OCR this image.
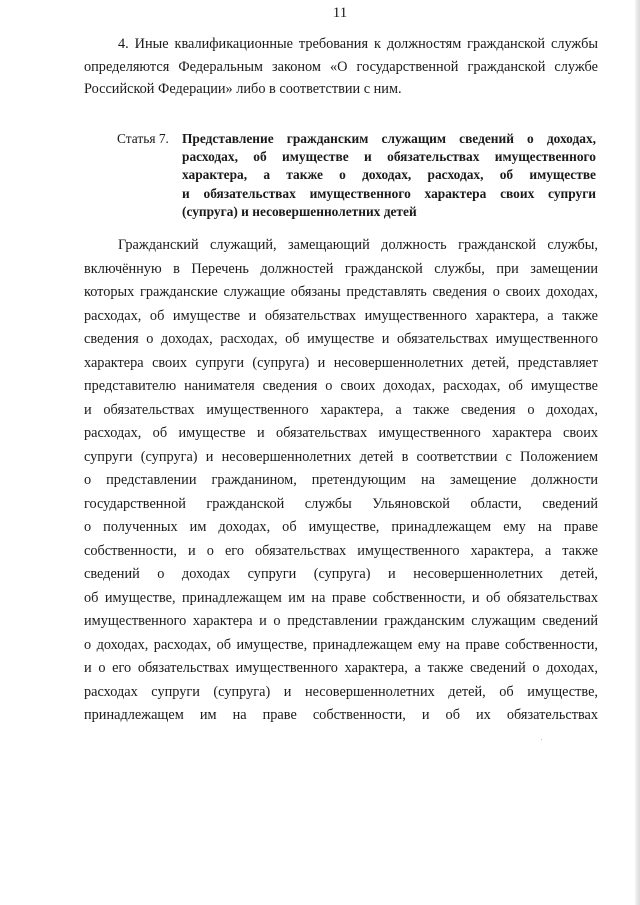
11
4. Иные квалификационные требования к должностям гражданской службы
определяются Федеральным законом «О государственной гражданской службе
Российской Федерации» либо в соответствии с ним.
Статья 7. Представление гражданским служащим сведений о доходах,
расходах, об имуществе и обязательствах имущественного
характера, а также о доходах, расходах, об имуществе
и обязательствах имущественного характера своих супруги
(супруга) и несовершеннолетних детей
Гражданский служащий, замещающий должность гражданской службы,
включённую в Перечень должностей гражданской службы, при замещении
которых гражданские служащие обязаны представлять сведения о своих доходах,
расходах, об имуществе и обязательствах имущественного характера, а также
сведения о доходах, расходах, об имуществе и обязательствах имущественного
характера своих супруги (супруга) и несовершеннолетних детей, представляет
представителю нанимателя сведения о своих доходах, расходах, об имуществе
и обязательствах имущественного характера, а также сведения о доходах,
расходах, об имуществе и обязательствах имущественного характера своих
супруги (супруга) и несовершеннолетних детей в соответствии с Положением
о представлении гражданином, претендующим на замещение должности
государственной гражданской службы Ульяновской области, сведений
о полученных им доходах, об имуществе, принадлежащем ему на праве
собственности, и о его обязательствах имущественного характера, а также
сведений о доходах супруги (супруга) и несовершеннолетних детей,
об имуществе, принадлежащем им на праве собственности, и об обязательствах
имущественного характера и о представлении гражданским служащим сведений
о доходах, расходах, об имуществе, принадлежащем ему на праве собственности,
и о его обязательствах имущественного характера, а также сведений о доходах,
расходах супруги (супруга) и несовершеннолетних детей, об имуществе,
принадлежащем им на праве собственности, и об их обязательствах
